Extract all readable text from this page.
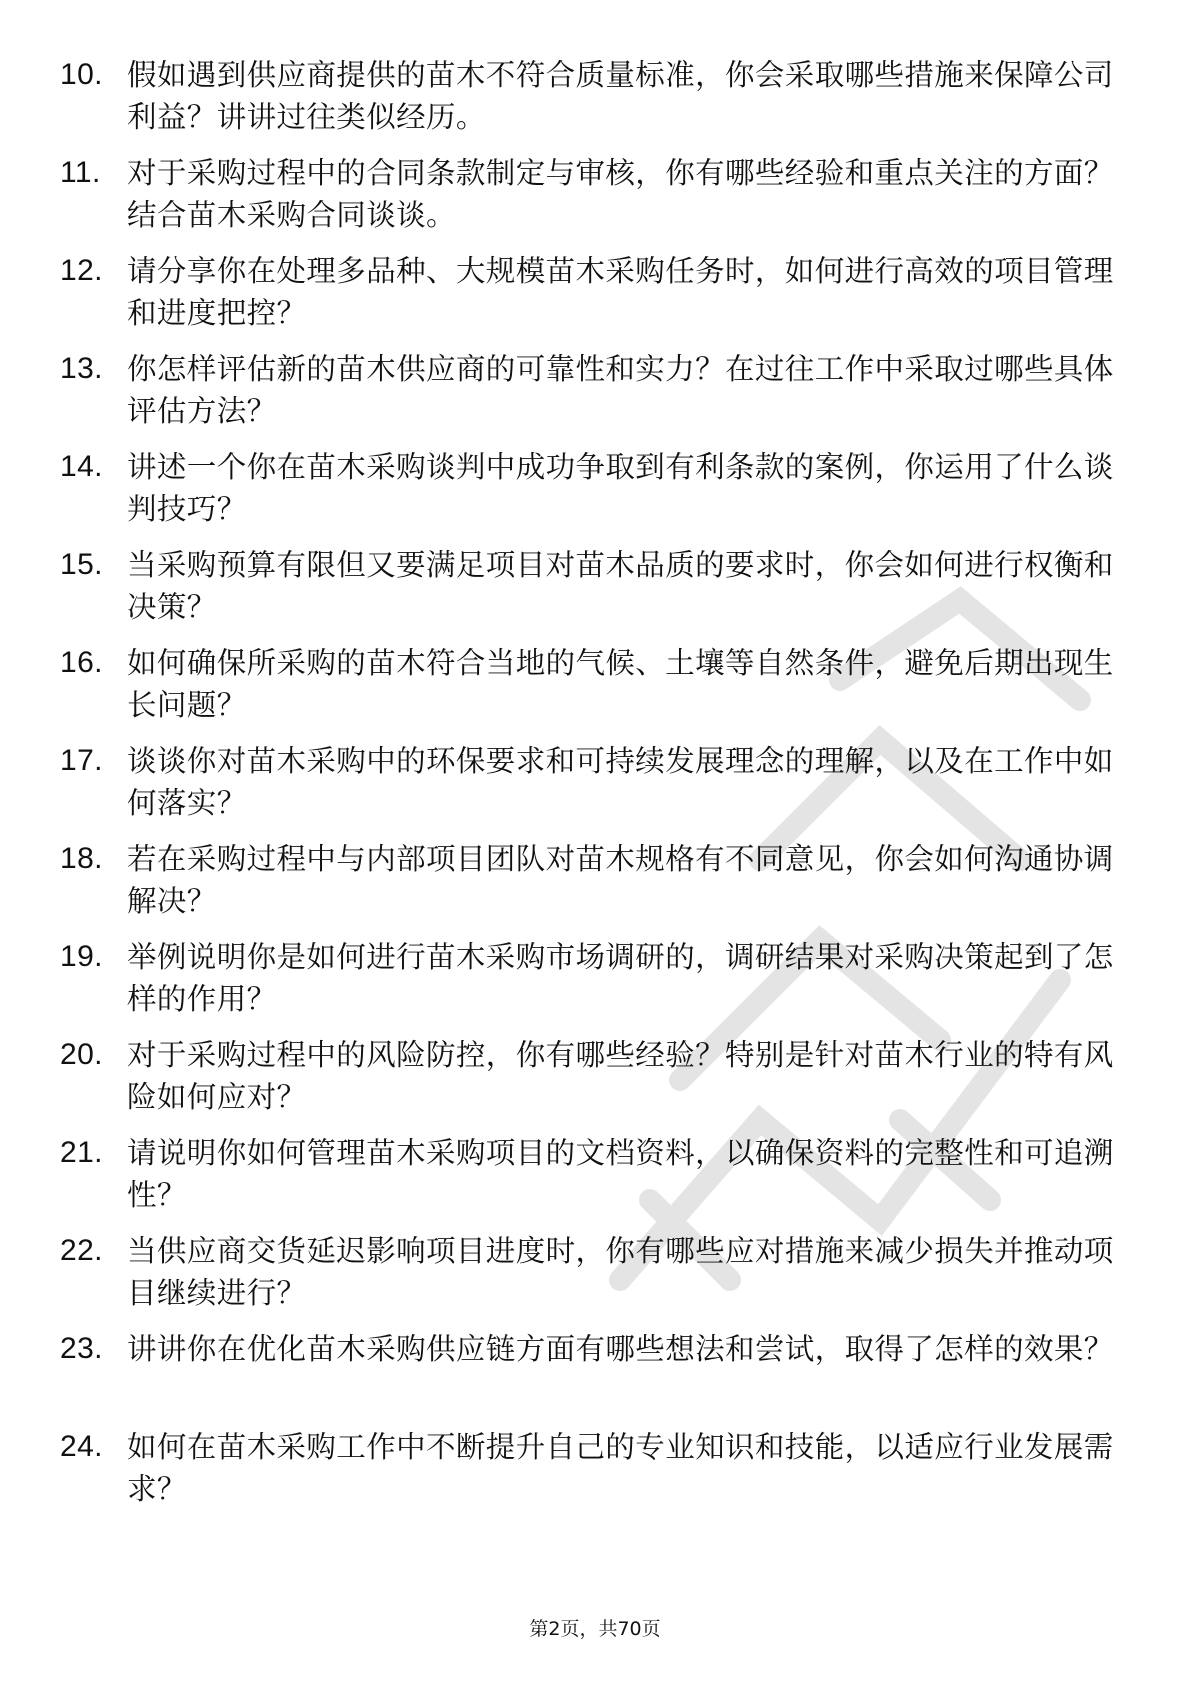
10. 假如遇到供应商提供的苗木不符合质量标准，你会采取哪些措施来保障公司利益？讲讲过往类似经历。
11. 对于采购过程中的合同条款制定与审核，你有哪些经验和重点关注的方面？结合苗木采购合同谈谈。
12. 请分享你在处理多品种、大规模苗木采购任务时，如何进行高效的项目管理和进度把控？
13. 你怎样评估新的苗木供应商的可靠性和实力？在过往工作中采取过哪些具体评估方法？
14. 讲述一个你在苗木采购谈判中成功争取到有利条款的案例，你运用了什么谈判技巧？
15. 当采购预算有限但又要满足项目对苗木品质的要求时，你会如何进行权衡和决策？
16. 如何确保所采购的苗木符合当地的气候、土壤等自然条件，避免后期出现生长问题？
17. 谈谈你对苗木采购中的环保要求和可持续发展理念的理解，以及在工作中如何落实？
18. 若在采购过程中与内部项目团队对苗木规格有不同意见，你会如何沟通协调解决？
19. 举例说明你是如何进行苗木采购市场调研的，调研结果对采购决策起到了怎样的作用？
20. 对于采购过程中的风险防控，你有哪些经验？特别是针对苗木行业的特有风险如何应对？
21. 请说明你如何管理苗木采购项目的文档资料，以确保资料的完整性和可追溯性？
22. 当供应商交货延迟影响项目进度时，你有哪些应对措施来减少损失并推动项目继续进行？
23. 讲讲你在优化苗木采购供应链方面有哪些想法和尝试，取得了怎样的效果？
24. 如何在苗木采购工作中不断提升自己的专业知识和技能，以适应行业发展需求？
第2页，共70页
